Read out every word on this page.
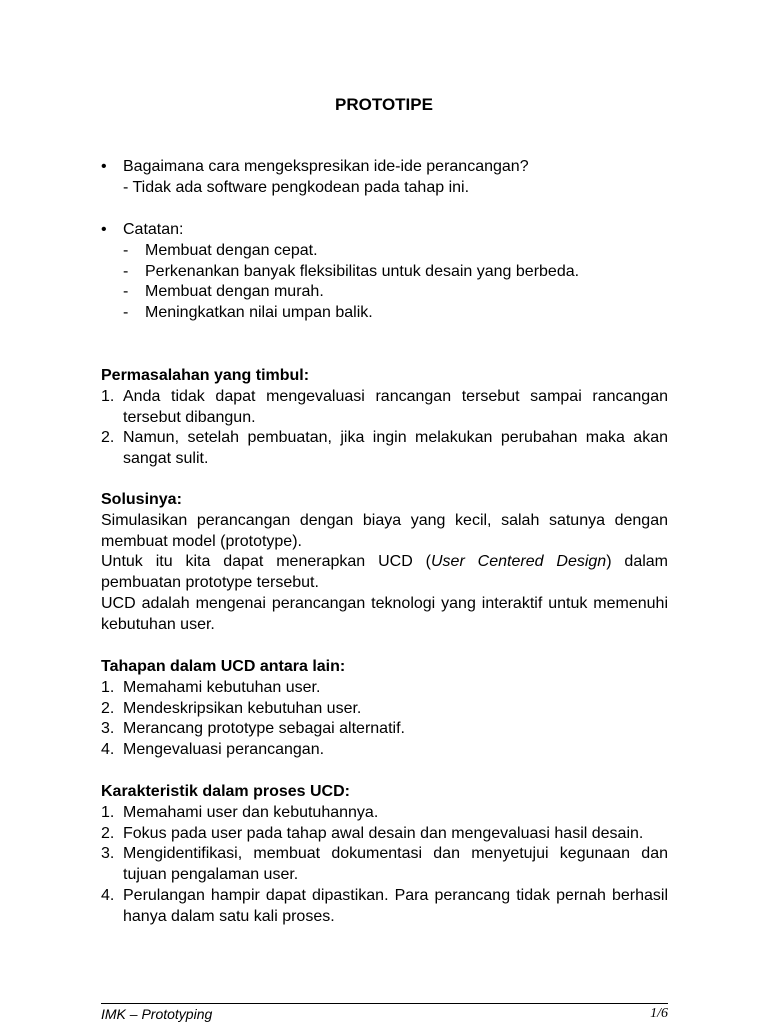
PROTOTIPE
• Bagaimana cara mengekspresikan ide-ide perancangan?
- Tidak ada software pengkodean pada tahap ini.
• Catatan:
- Membuat dengan cepat.
- Perkenankan banyak fleksibilitas untuk desain yang berbeda.
- Membuat dengan murah.
- Meningkatkan nilai umpan balik.
Permasalahan yang timbul:
1. Anda tidak dapat mengevaluasi rancangan tersebut sampai rancangan tersebut dibangun.
2. Namun, setelah pembuatan, jika ingin melakukan perubahan maka akan sangat sulit.
Solusinya:
Simulasikan perancangan dengan biaya yang kecil, salah satunya dengan membuat model (prototype).
Untuk itu kita dapat menerapkan UCD (User Centered Design) dalam pembuatan prototype tersebut.
UCD adalah mengenai perancangan teknologi yang interaktif untuk memenuhi kebutuhan user.
Tahapan dalam UCD antara lain:
1. Memahami kebutuhan user.
2. Mendeskripsikan kebutuhan user.
3. Merancang prototype sebagai alternatif.
4. Mengevaluasi perancangan.
Karakteristik dalam proses UCD:
1. Memahami user dan kebutuhannya.
2. Fokus pada user pada tahap awal desain dan mengevaluasi hasil desain.
3. Mengidentifikasi, membuat dokumentasi dan menyetujui kegunaan dan tujuan pengalaman user.
4. Perulangan hampir dapat dipastikan. Para perancang tidak pernah berhasil hanya dalam satu kali proses.
IMK – Prototyping	1/6
